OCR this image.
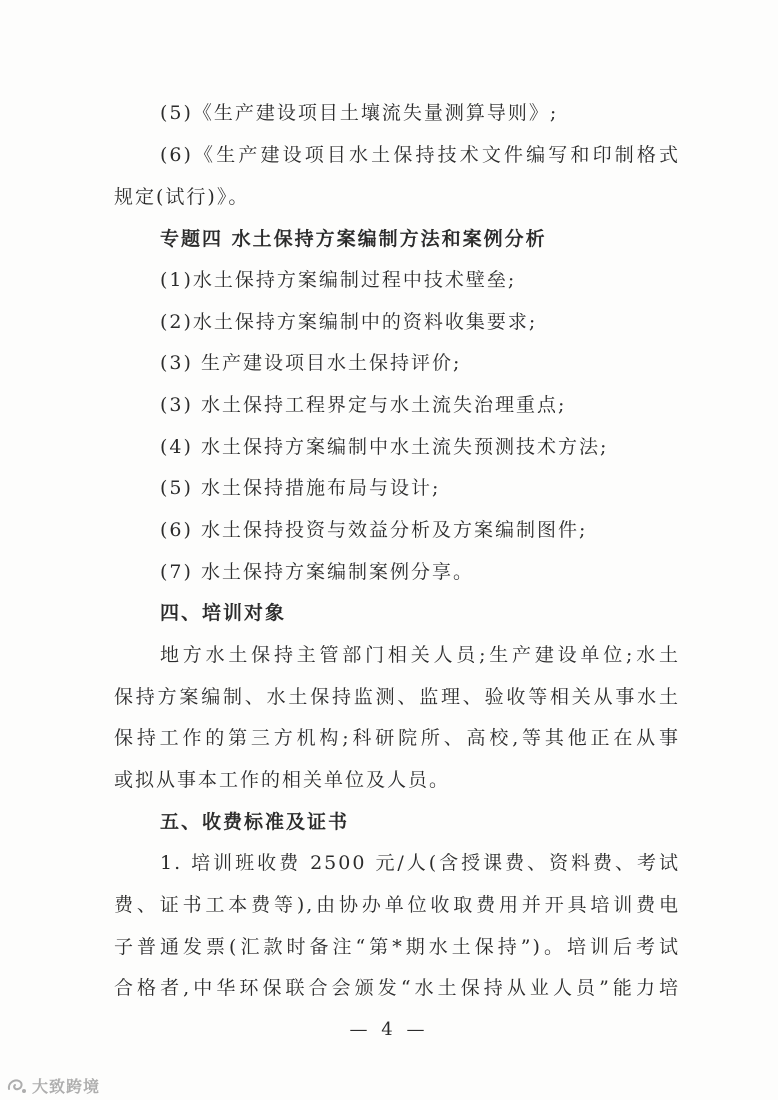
(5)《生产建设项目土壤流失量测算导则》;
(6)《生产建设项目水土保持技术文件编写和印制格式
规定(试行)》。
专题四 水土保持方案编制方法和案例分析
(1)水土保持方案编制过程中技术壁垒;
(2)水土保持方案编制中的资料收集要求;
(3) 生产建设项目水土保持评价;
(3) 水土保持工程界定与水土流失治理重点;
(4) 水土保持方案编制中水土流失预测技术方法;
(5) 水土保持措施布局与设计;
(6) 水土保持投资与效益分析及方案编制图件;
(7) 水土保持方案编制案例分享。
四、培训对象
地方水土保持主管部门相关人员;生产建设单位;水土
保持方案编制、水土保持监测、监理、验收等相关从事水土
保持工作的第三方机构;科研院所、高校,等其他正在从事
或拟从事本工作的相关单位及人员。
五、收费标准及证书
1. 培训班收费 2500 元/人(含授课费、资料费、考试
费、证书工本费等),由协办单位收取费用并开具培训费电
子普通发票(汇款时备注“第*期水土保持”)。培训后考试
合格者,中华环保联合会颁发“水土保持从业人员”能力培
— 4 —
大致跨境
